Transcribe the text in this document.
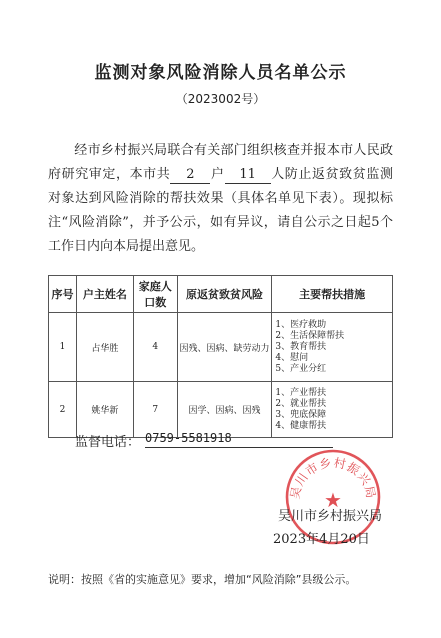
监测对象风险消除人员名单公示
（2023002号）
经市乡村振兴局联合有关部门组织核查并报本市人民政府研究审定，本市共 2 户 11 人防止返贫致贫监测对象达到风险消除的帮扶效果（具体名单见下表）。现拟标注“风险消除”，并予公示，如有异议，请自公示之日起5个工作日内向本局提出意见。
序号	户主姓名	家庭人口数	原返贫致贫风险	主要帮扶措施
1	占华胜	4	因残、因病、缺劳动力	1、医疗救助
2、生活保障帮扶
3、教育帮扶
4、慰问
5、产业分红

2	姚华新	7	因学、因病、因残	1、产业帮扶
2、就业帮扶
3、兜底保障
4、健康帮扶
监督电话： 0759-5581918
吴川市乡村振兴局
★
吴川市乡村振兴局
2023年4月20日
说明：按照《省的实施意见》要求，增加“风险消除”县级公示。
